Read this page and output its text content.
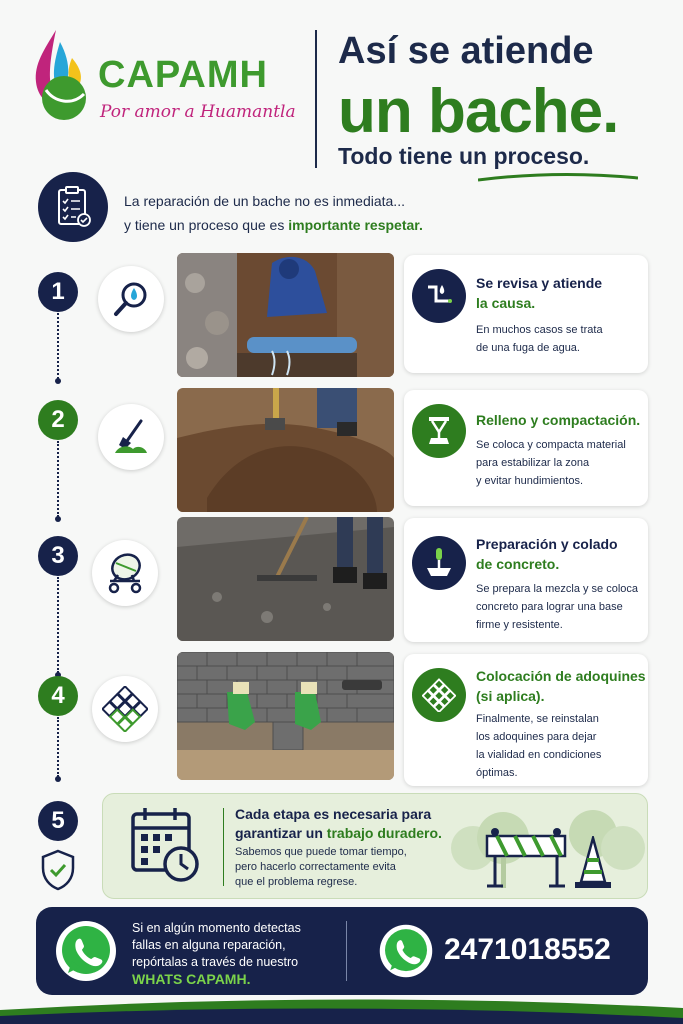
CAPAMH
Por amor a Huamantla
Así se atiende
un bache.
Todo tiene un proceso.
La reparación de un bache no es inmediata...
y tiene un proceso que es importante respetar.
1	Se revisa y atiende
la causa.
En muchos casos se trata
de una fuga de agua.
2	Relleno y compactación.
Se coloca y compacta material
para estabilizar la zona
y evitar hundimientos.
3	Preparación y colado
de concreto.
Se prepara la mezcla y se coloca
concreto para lograr una base
firme y resistente.
4
Colocación de adoquines
(si aplica).
Finalmente, se reinstalan
los adoquines para dejar
la vialidad en condiciones
óptimas.
5	Cada etapa es necesaria para
garantizar un trabajo duradero.
Sabemos que puede tomar tiempo,
pero hacerlo correctamente evita
que el problema regrese.
Si en algún momento detectas
fallas en alguna reparación,
repórtalas a través de nuestro
WHATS CAPAMH.
2471018552
